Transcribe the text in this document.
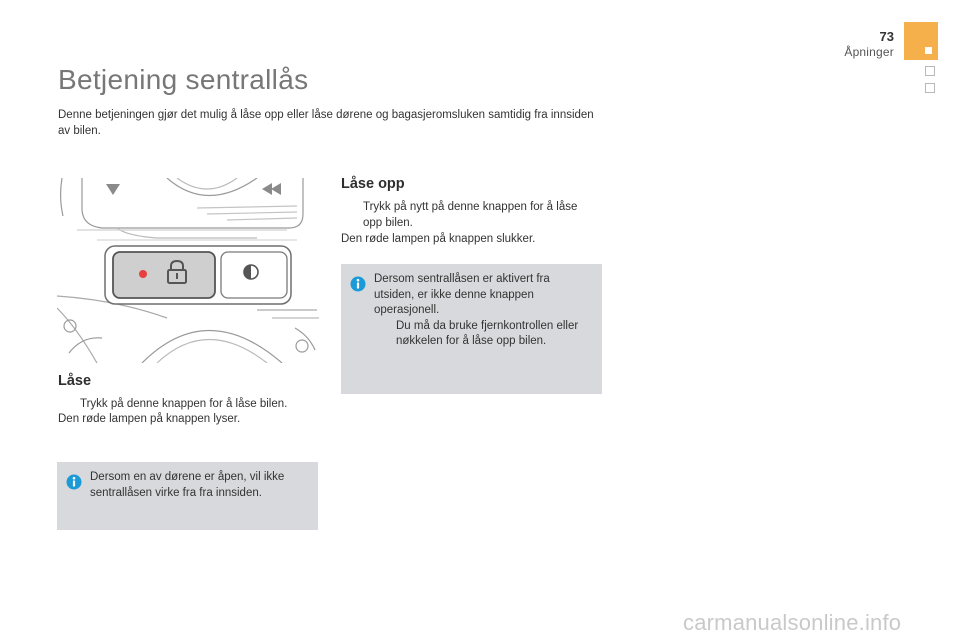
73
Åpninger
Betjening sentrallås
Denne betjeningen gjør det mulig å låse opp eller låse dørene og bagasjeromsluken samtidig fra innsiden av bilen.
Låse
Trykk på denne knappen for å låse bilen.
Den røde lampen på knappen lyser.
Dersom en av dørene er åpen, vil ikke sentrallåsen virke fra fra innsiden.
Låse opp
Trykk på nytt på denne knappen for å låse opp bilen.
Den røde lampen på knappen slukker.
Dersom sentrallåsen er aktivert fra utsiden, er ikke denne knappen operasjonell.
Du må da bruke fjernkontrollen eller nøkkelen for å låse opp bilen.
carmanualsonline.info
